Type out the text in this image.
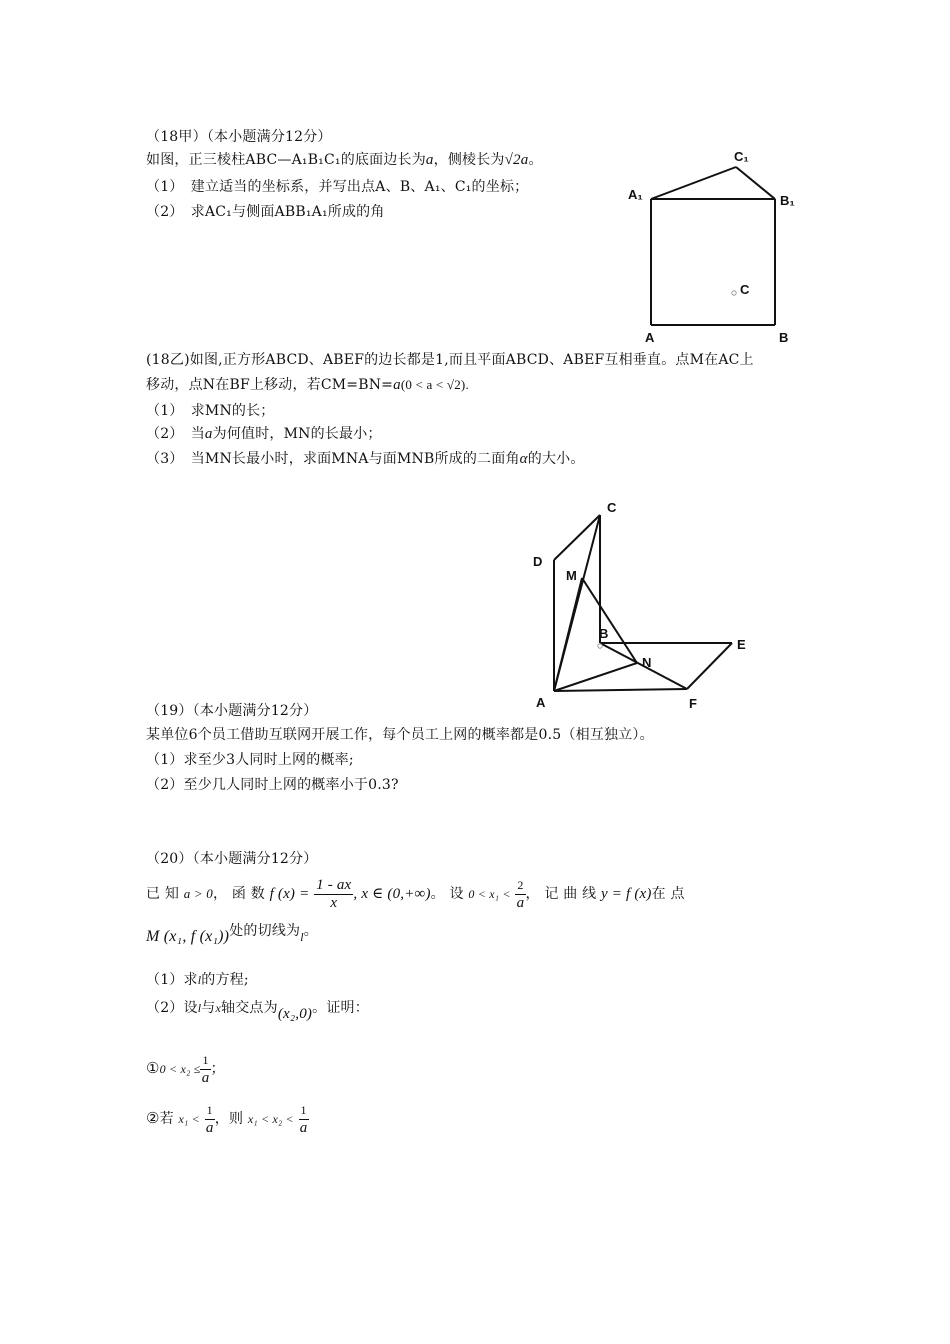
（18甲）（本小题满分12分）
如图，正三棱柱ABC—A₁B₁C₁的底面边长为a，侧棱长为√2a。
（1）　建立适当的坐标系，并写出点A、B、A₁、C₁的坐标；
（2）　求AC₁与侧面ABB₁A₁所成的角
C₁
A₁	B₁
C
A	B
(18乙)如图,正方形ABCD、ABEF的边长都是1,而且平面ABCD、ABEF互相垂直。点M在AC上
移动，点N在BF上移动，若CM=BN=a(0 < a < √2).
（1）　求MN的长；
（2）　当a为何值时，MN的长最小；
（3）　当MN长最小时，求面MNA与面MNB所成的二面角α的大小。
C
D
M
B
E
N
A	F
（19）（本小题满分12分）
某单位6个员工借助互联网开展工作，每个员工上网的概率都是0.5（相互独立）。
（1）求至少3人同时上网的概率;
（2）至少几人同时上网的概率小于0.3?
（20）（本小题满分12分）
已 知 a > 0， 函 数 f $(x) = \frac{1 - ax}{x}$ , x ∈ (0,+∞)。 设 $0 < x_1 < \frac{2}{a}$ ， 记 曲 线 y = f (x)在 点
M (x₁, f (x₁))处的切线为l。
（1）求l的方程;
（2）设l与x轴交点为(x₂,0)。证明：
①0 < $x_2 \le \frac{1}{a}$ ；
②若 $x_1 < \frac{1}{a}$ ，则 $x_1 < x_2 < \frac{1}{a}$
